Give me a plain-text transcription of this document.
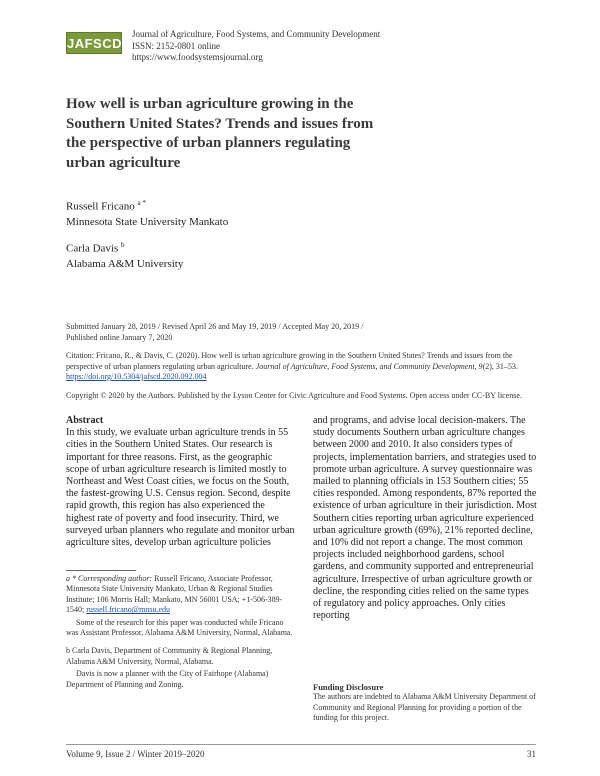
JAFSCD
Journal of Agriculture, Food Systems, and Community Development
ISSN: 2152-0801 online
https://www.foodsystemsjournal.org
How well is urban agriculture growing in the Southern United States? Trends and issues from the perspective of urban planners regulating urban agriculture
Russell Fricano $^{a *}$
Minnesota State University Mankato
Carla Davis $^b$
Alabama A&M University
Submitted January 28, 2019 / Revised April 26 and May 19, 2019 / Accepted May 20, 2019 /
Published online January 7, 2020
Citation: Fricano, R., & Davis, C. (2020). How well is urban agriculture growing in the Southern United States? Trends and issues from the perspective of urban planners regulating urban agriculture. Journal of Agriculture, Food Systems, and Community Development, 9(2), 31–53. https://doi.org/10.5304/jafscd.2020.092.004
Copyright © 2020 by the Authors. Published by the Lyson Center for Civic Agriculture and Food Systems. Open access under CC-BY license.
Abstract

In this study, we evaluate urban agriculture trends in 55 cities in the Southern United States. Our research is important for three reasons. First, as the geographic scope of urban agriculture research is limited mostly to Northeast and West Coast cities, we focus on the South, the fastest-growing U.S. Census region. Second, despite rapid growth, this region has also experienced the highest rate of poverty and food insecurity. Third, we surveyed urban planners who regulate and monitor urban agriculture sites, develop urban agriculture policies

and programs, and advise local decision-makers. The study documents Southern urban agriculture changes between 2000 and 2010. It also considers types of projects, implementation barriers, and strategies used to promote urban agriculture. A survey questionnaire was mailed to planning officials in 153 Southern cities; 55 cities responded. Among respondents, 87% reported the existence of urban agriculture in their jurisdiction. Most Southern cities reporting urban agriculture experienced urban agriculture growth (69%), 21% reported decline, and 10% did not report a change. The most common projects included neighborhood gardens, school gardens, and community supported and entrepreneurial agriculture. Irrespective of urban agriculture growth or decline, the responding cities relied on the same types of regulatory and policy approaches. Only cities reporting

a * Corresponding author: Russell Fricano, Associate Professor, Minnesota State University Mankato, Urban & Regional Studies Institute; 106 Morris Hall; Mankato, MN 56001 USA; +1-506-389-1540; russell.fricano@mnsu.edu

Some of the research for this paper was conducted while Fricano was Assistant Professor, Alabama A&M University, Normal, Alabama.

b Carla Davis, Department of Community & Regional Planning, Alabama A&M University, Normal, Alabama.

Davis is now a planner with the City of Fairhope (Alabama) Department of Planning and Zoning.	Funding Disclosure

The authors are indebted to Alabama A&M University Department of Community and Regional Planning for providing a portion of the funding for this project.

Volume 9, Issue 2 / Winter 2019–2020	31
